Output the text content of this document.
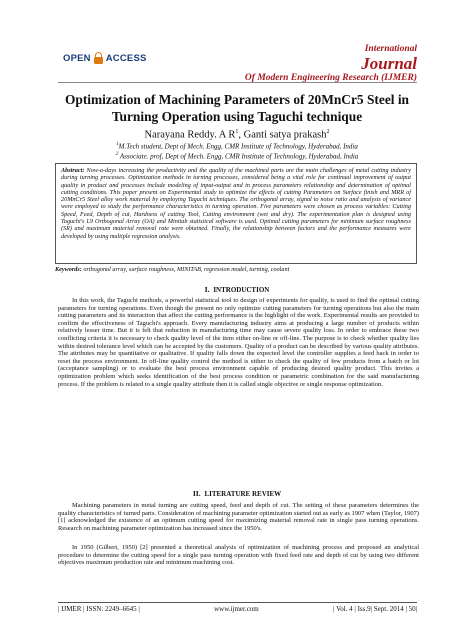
OPEN ACCESS
International
Journal
Of Modern Engineering Research (IJMER)
Optimization of Machining Parameters of 20MnCr5 Steel in
Turning Operation using Taguchi technique
Narayana Reddy. A $R^1$, Ganti satya prakash$^2$
$^1$M.Tech student, Dept of Mech. Engg, CMR Institute of Technology, Hyderabad, India
$^2$ Associate. prof, Dept of Mech. Engg, CMR Institute of Technology, Hyderabad, India
Abstract: Now-a-days increasing the productivity and the quality of the machined parts are the main challenges of metal cutting industry during turning processes. Optimization methods in turning processes, considered being a vital role for continual improvement of output quality in product and processes include modeling of input-output and in process parameters relationship and determination of optimal cutting conditions. This paper present on Experimental study to optimize the effects of cutting Parameters on Surface finish and MRR of 20MnCr5 Steel alloy work material by employing Taguchi techniques. The orthogonal array, signal to noise ratio and analysis of variance were employed to study the performance characteristics in turning operation. Five parameters were chosen as process variables: Cutting Speed, Feed, Depth of cut, Hardness of cutting Tool, Cutting environment (wet and dry). The experimentation plan is designed using Taguchi's L9 Orthogonal Array (OA) and Minitab statistical software is used. Optimal cutting parameters for minimum surface roughness (SR) and maximum material removal rate were obtained. Finally, the relationship between factors and the performance measures were developed by using multiple regression analysis.
Keywords: orthogonal array, surface roughness, MINITAB, regression model, turning, coolant
I. INTRODUCTION
In this work, the Taguchi methods, a powerful statistical tool to design of experiments for quality, is used to find the optimal cutting parameters for turning operations. Even though the present no only optimize cutting parameters for turning operations but also the main cutting parameters and its interaction that affect the cutting performance is the highlight of the work. Experimental results are provided to confirm the effectiveness of Taguchi's approach. Every manufacturing industry aims at producing a large number of products within relatively lesser time. But it is felt that reduction in manufacturing time may cause severe quality loss. In order to embrace these two conflicting criteria it is necessary to check quality level of the item either on-line or off-line. The purpose is to check whether quality lies within desired tolerance level which can be accepted by the customers. Quality of a product can be described by various quality attributes. The attributes may be quantitative or qualitative. If quality falls down the expected level the controller supplies a feed back in order to reset the process environment. In off-line quality control the method is either to check the quality of few products from a batch or lot (acceptance sampling) or to evaluate the best process environment capable of producing desired quality product. This invites a optimization problem which seeks identification of the best process condition or parametric combination for the said manufacturing process. If the problem is related to a single quality attribute then it is called single objective or single response optimization.
II. LITERATURE REVIEW
Machining parameters in metal turning are cutting speed, feed and depth of cut. The setting of these parameters determines the quality characteristics of turned parts. Consideration of machining parameter optimization started out as early as 1907 when (Taylor, 1907) [1] acknowledged the existence of an optimum cutting speed for maximizing material removal rate in single pass turning operations. Research on machining parameter optimization has increased since the 1950's.
In 1950 (Gilbert, 1950) [2] presented a theoretical analysis of optimization of machining process and proposed an analytical procedure to determine the cutting speed for a single pass turning operation with fixed feed rate and depth of cut by using two different objectives maximum production rate and minimum machining cost.
| IJMER | ISSN: 2249–6645 |	www.ijmer.com	| Vol. 4 | Iss.9| Sept. 2014 | 50|
